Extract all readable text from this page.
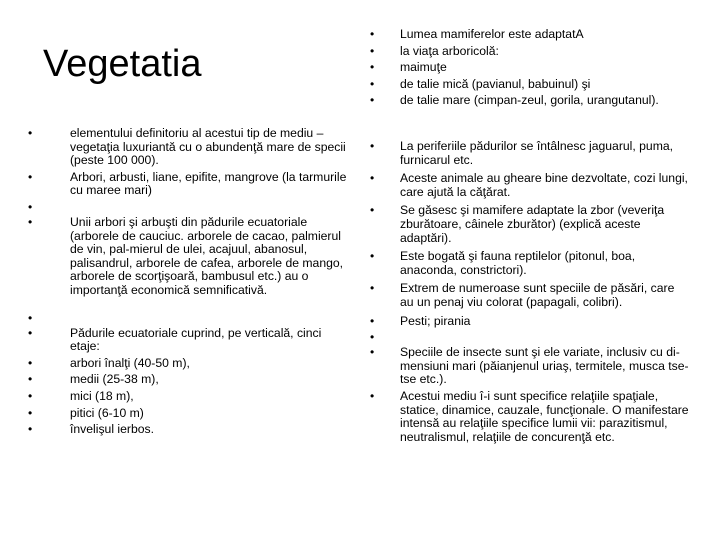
Vegetatia
•	elementului definitoriu al acestui tip de mediu – vegetaţia luxuriantă cu o abundenţă mare de specii (peste 100 000).
•	Arbori, arbusti, liane, epifite, mangrove (la tarmurile cu maree mari)
•
•	Unii arbori şi arbuşti din pădurile ecuatoriale (arborele de cauciuc. arborele de cacao, palmierul de vin, pal-mierul de ulei, acajuul, abanosul, palisandrul, arborele de cafea, arborele de mango, arborele de scorţişoară, bambusul etc.) au o importanţă economică semnificativă.
•
•	Pădurile ecuatoriale cuprind, pe verticală, cinci etaje:
•	arbori înalţi (40-50 m),
•	medii (25-38 m),
•	mici (18 m),
•	pitici (6-10 m)
•	învelişul ierbos.
•	Lumea mamiferelor este adaptatA
•	la viaţa arboricolă:
•	maimuţe
•	de talie mică (pavianul, babuinul) şi
•	de talie mare (cimpan-zeul, gorila, urangutanul).
•	La periferiile pădurilor se întâlnesc jaguarul, puma, furnicarul etc.
•	Aceste animale au gheare bine dezvoltate, cozi lungi, care ajută la căţărat.
•	Se găsesc şi mamifere adaptate la zbor (veveriţa zburătoare, câinele zburător) (explică aceste adaptări).
•	Este bogată şi fauna reptilelor (pitonul, boa, anaconda, constrictori).
•	Extrem de numeroase sunt speciile de păsări, care au un penaj viu colorat (papagali, colibri).
•	Pesti; pirania
•
•	Speciile de insecte sunt şi ele variate, inclusiv cu di-mensiuni mari (păianjenul uriaş, termitele, musca tse-tse etc.).
•	Acestui mediu î-i sunt specifice relaţiile spaţiale, statice, dinamice, cauzale, funcţionale. O manifestare intensă au relaţiile specifice lumii vii: parazitismul, neutralismul, relaţiile de concurenţă etc.
